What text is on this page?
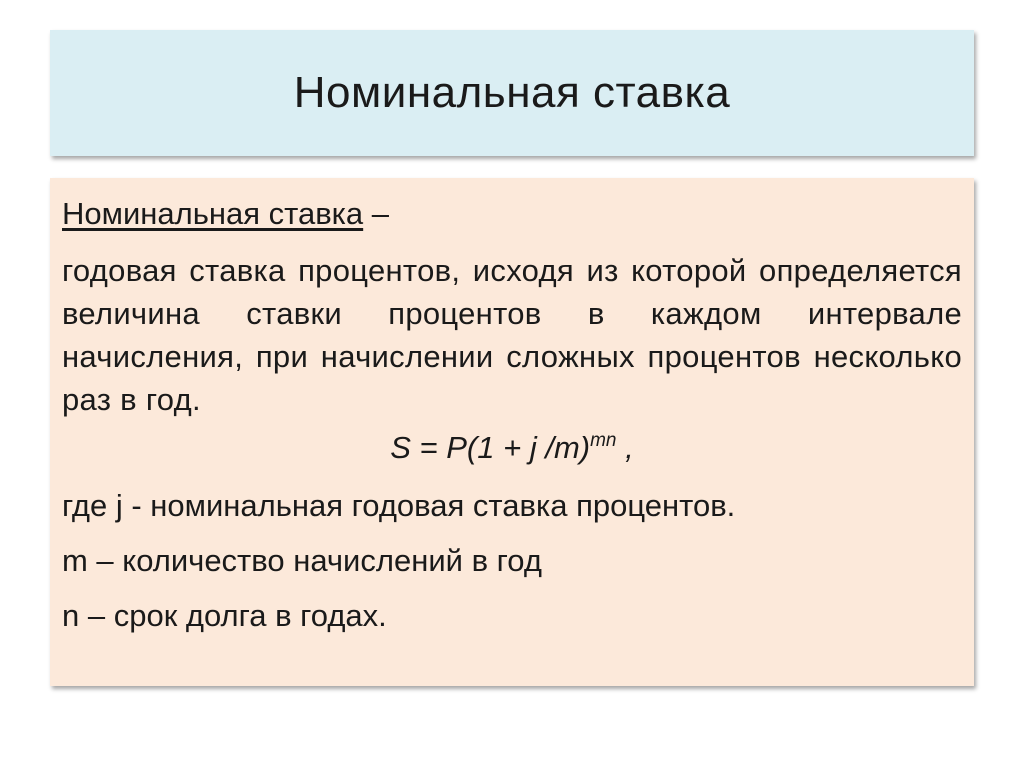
Номинальная ставка

Номинальная ставка –

годовая ставка процентов, исходя из которой определяется величина ставки процентов в каждом интервале начисления, при начислении сложных процентов несколько раз в год.

S = P(1 + j /m)$^{mn}$ ,

где j - номинальная годовая ставка процентов.

m – количество начислений в год

n – срок долга в годах.
